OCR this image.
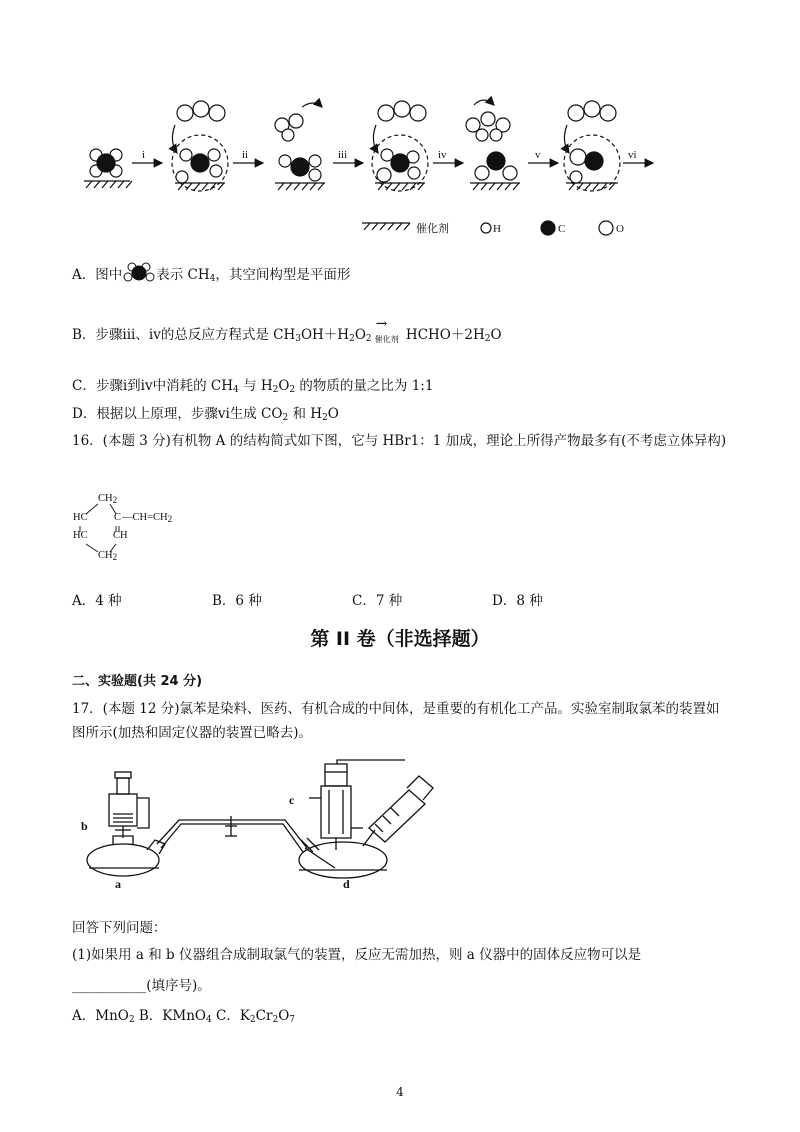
i	ii	iii	iv	v	vi
催化剂	H	C	O
A．图中	表示 $CH_4$，其空间构型是平面形
B．步骤iii、iv的总反应方程式是 $CH_3OH+H_2O_2$
→
$_{催化剂}$ $HCHO+2H_2O$
C．步骤i到iv中消耗的 $CH_4$ 与 $H_2O_2$ 的物质的量之比为 1:1
D．根据以上原理，步骤vi生成 $CO_2$ 和 $H_2O$
16．(本题 3 分)有机物 A 的结构简式如下图，它与 HBr1：1 加成，理论上所得产物最多有(不考虑立体异构)
$CH_2$
HC	C $—CH=CH_2$
HC CH
$CH_2$
A．4 种	B．6 种	C．7 种	D．8 种
第 II 卷（非选择题）
二、实验题(共 24 分)
17．(本题 12 分)氯苯是染料、医药、有机合成的中间体，是重要的有机化工产品。实验室制取氯苯的装置如图所示(加热和固定仪器的装置已略去)。
b
a
c
d
回答下列问题：
(1)如果用 a 和 b 仪器组合成制取氯气的装置，反应无需加热，则 a 仪器中的固体反应物可以是
___________(填序号)。
A．MnO$_2$ B．KMnO$_4$ C．$K_2Cr_2O_7$
4
